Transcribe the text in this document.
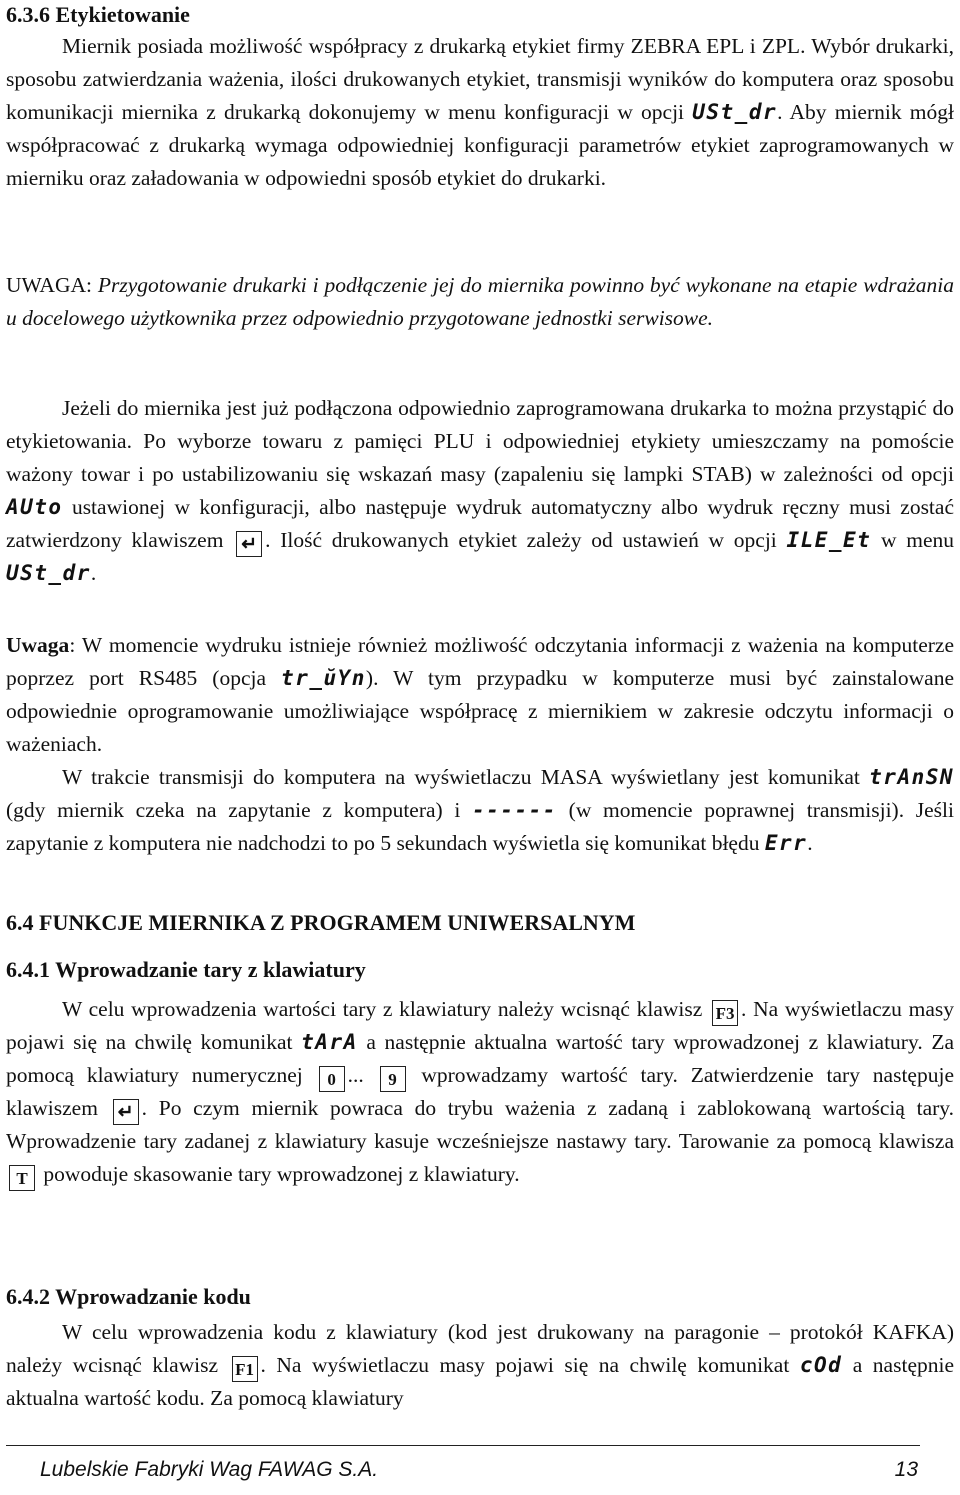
6.3.6 Etykietowanie

Miernik posiada możliwość współpracy z drukarką etykiet firmy ZEBRA EPL i ZPL. Wybór drukarki, sposobu zatwierdzania ważenia, ilości drukowanych etykiet, transmisji wyników do komputera oraz sposobu komunikacji miernika z drukarką dokonujemy w menu konfiguracji w opcji USt_dr. Aby miernik mógł współpracować z drukarką wymaga odpowiedniej konfiguracji parametrów etykiet zaprogramowanych w mierniku oraz załadowania w odpowiedni sposób etykiet do drukarki.

UWAGA: Przygotowanie drukarki i podłączenie jej do miernika powinno być wykonane na etapie wdrażania u docelowego użytkownika przez odpowiednio przygotowane jednostki serwisowe.

Jeżeli do miernika jest już podłączona odpowiednio zaprogramowana drukarka to można przystąpić do etykietowania. Po wyborze towaru z pamięci PLU i odpowiedniej etykiety umieszczamy na pomoście ważony towar i po ustabilizowaniu się wskazań masy (zapaleniu się lampki STAB) w zależności od opcji AUto ustawionej w konfiguracji, albo następuje wydruk automatyczny albo wydruk ręczny musi zostać zatwierdzony klawiszem ↵ . Ilość drukowanych etykiet zależy od ustawień w opcji ILE_Et w menu USt_dr.

Uwaga: W momencie wydruku istnieje również możliwość odczytania informacji z ważenia na komputerze poprzez port RS485 (opcja tr_ŭYn). W tym przypadku w komputerze musi być zainstalowane odpowiednie oprogramowanie umożliwiające współpracę z miernikiem w zakresie odczytu informacji o ważeniach.

W trakcie transmisji do komputera na wyświetlaczu MASA wyświetlany jest komunikat trAnSN (gdy miernik czeka na zapytanie z komputera) i ------ (w momencie poprawnej transmisji). Jeśli zapytanie z komputera nie nadchodzi to po 5 sekundach wyświetla się komunikat błędu Err.

6.4 FUNKCJE MIERNIKA Z PROGRAMEM UNIWERSALNYM
6.4.1 Wprowadzanie tary z klawiatury

W celu wprowadzenia wartości tary z klawiatury należy wcisnąć klawisz F3 . Na wyświetlaczu masy pojawi się na chwilę komunikat tArA a następnie aktualna wartość tary wprowadzonej z klawiatury. Za pomocą klawiatury numerycznej 0 ... 9 wprowadzamy wartość tary. Zatwierdzenie tary następuje klawiszem ↵ . Po czym miernik powraca do trybu ważenia z zadaną i zablokowaną wartością tary. Wprowadzenie tary zadanej z klawiatury kasuje wcześniejsze nastawy tary. Tarowanie za pomocą klawisza T powoduje skasowanie tary wprowadzonej z klawiatury.

6.4.2 Wprowadzanie kodu

W celu wprowadzenia kodu z klawiatury (kod jest drukowany na paragonie – protokół KAFKA) należy wcisnąć klawisz F1 . Na wyświetlaczu masy pojawi się na chwilę komunikat cOd a następnie aktualna wartość kodu. Za pomocą klawiatury

Lubelskie Fabryki Wag FAWAG S.A.	13
